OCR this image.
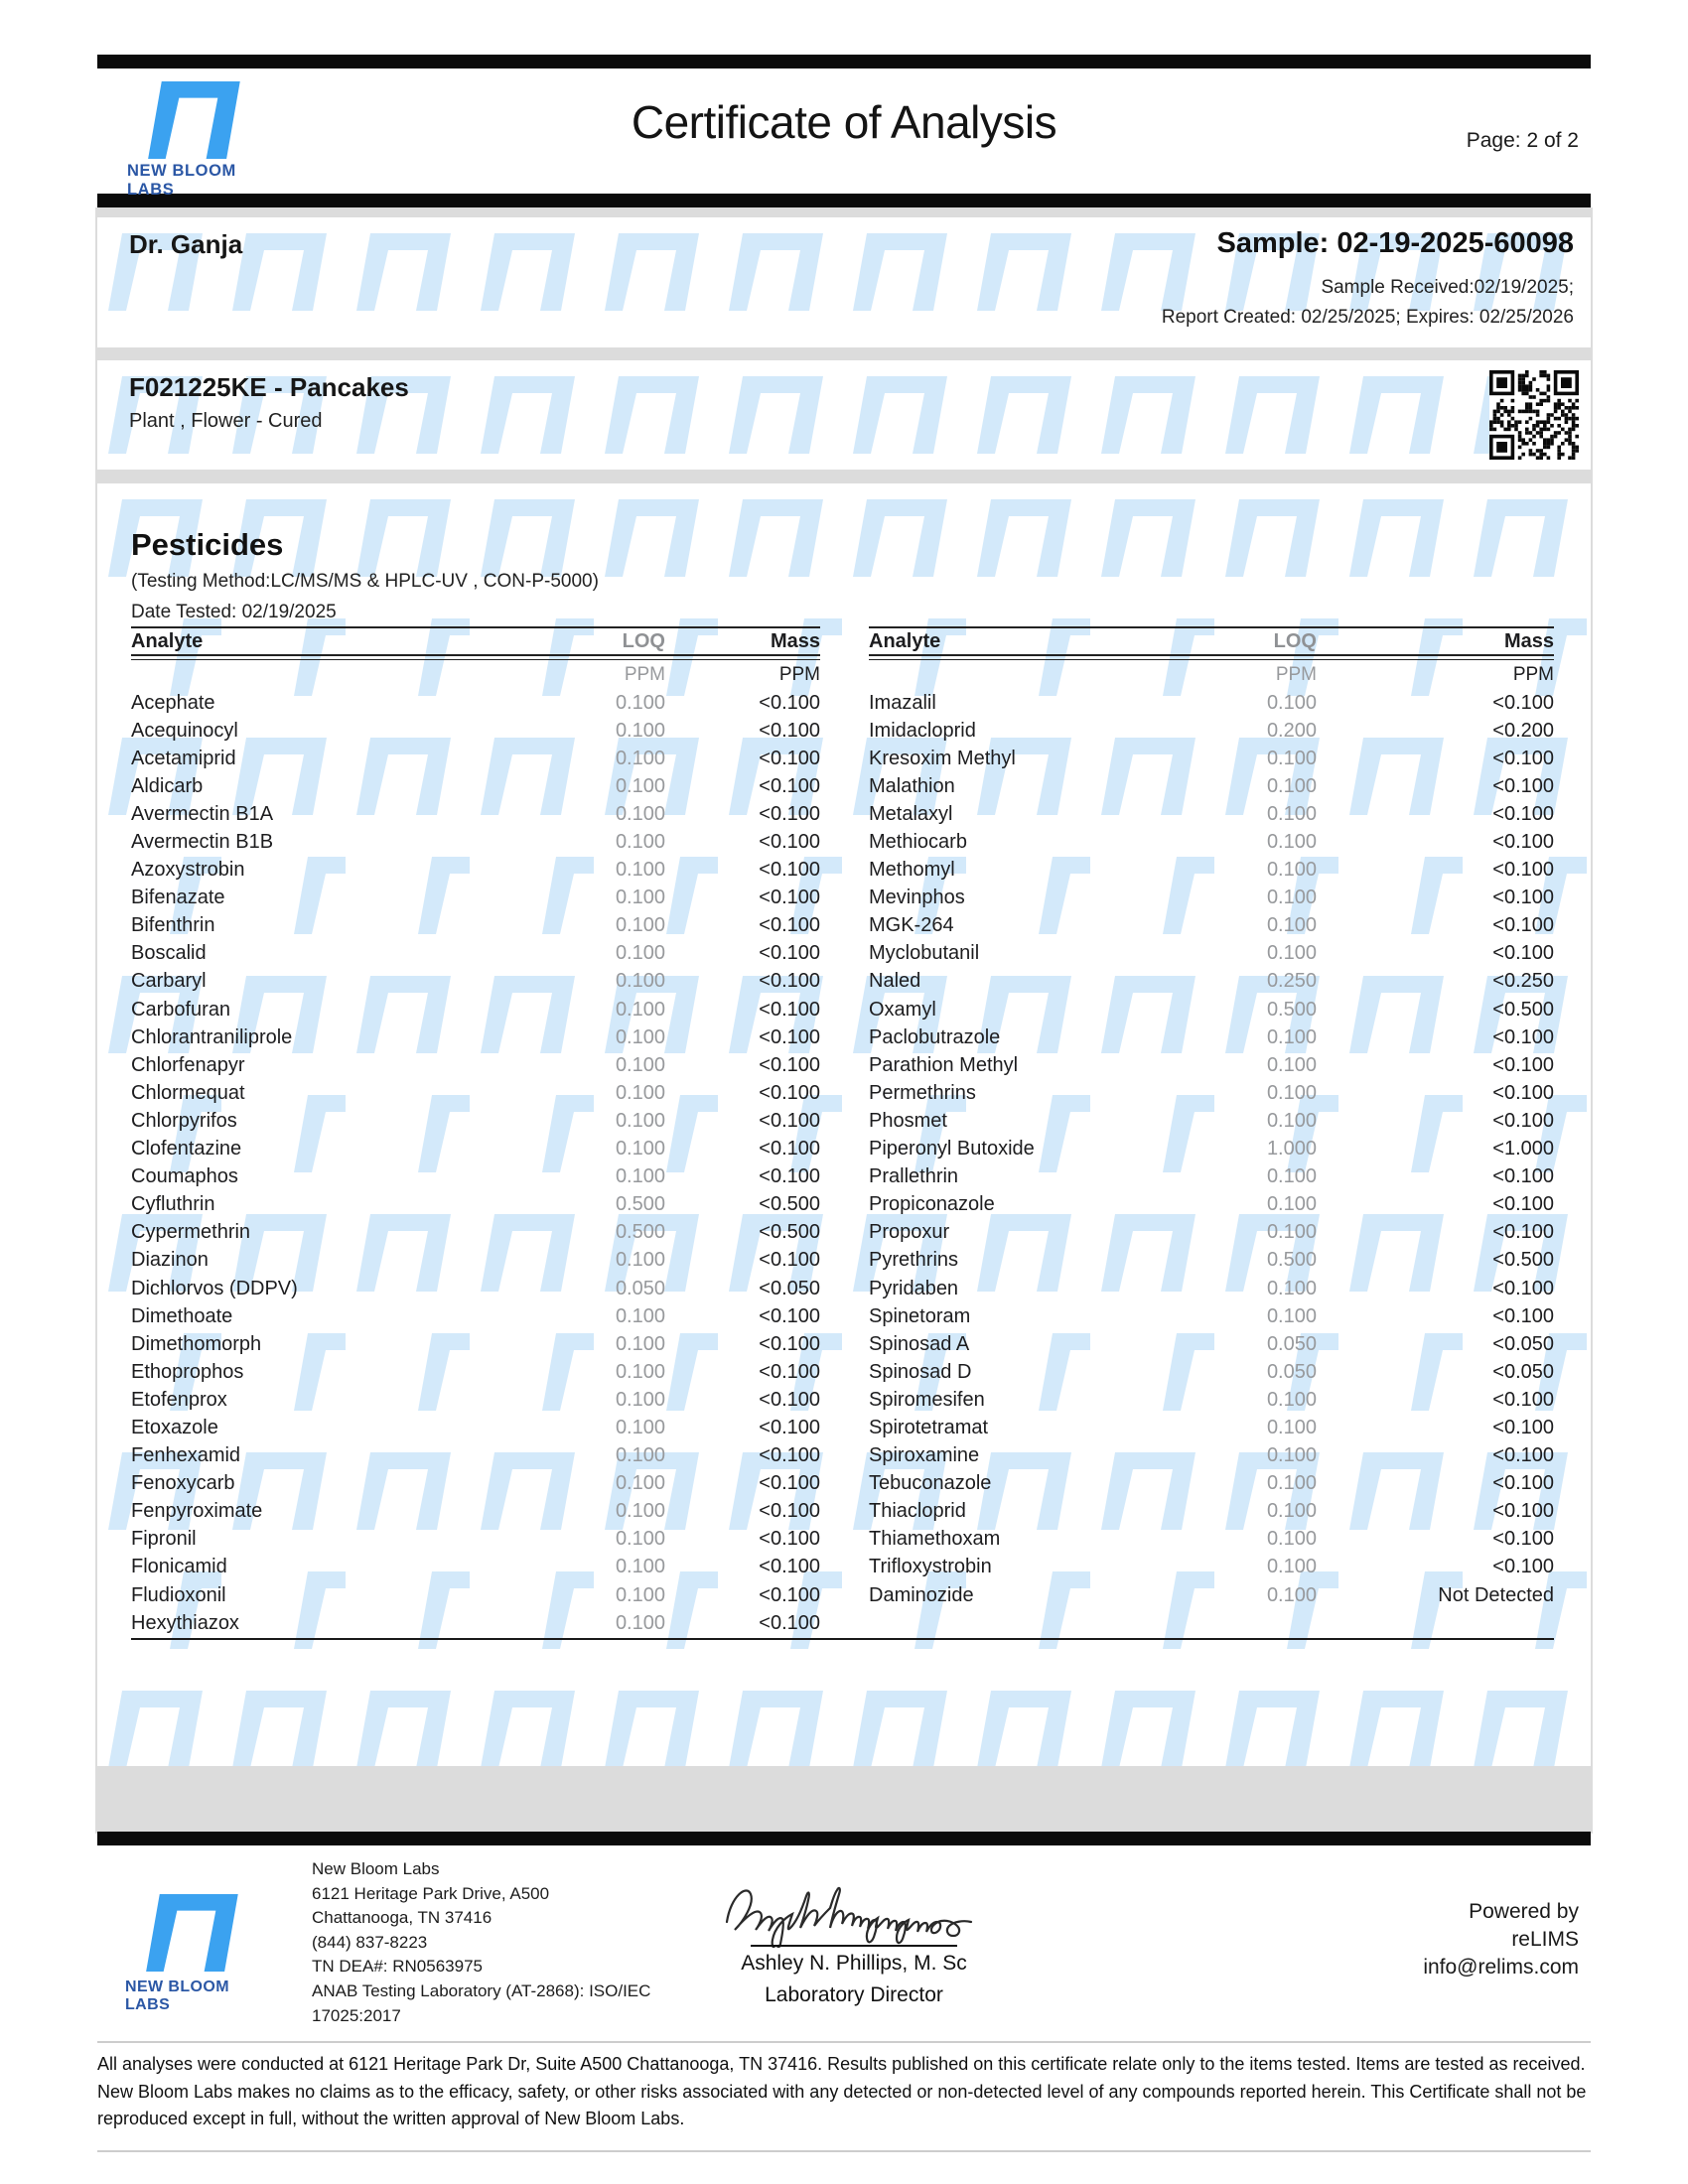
NEW BLOOM LABS
Certificate of Analysis	Page: 2 of 2
Dr. Ganja	Sample: 02-19-2025-60098
Sample Received:02/19/2025;
Report Created: 02/25/2025; Expires: 02/25/2026
F021225KE - Pancakes
Plant , Flower - Cured
Pesticides
(Testing Method:LC/MS/MS & HPLC-UV , CON-P-5000)
Date Tested: 02/19/2025
Analyte	LOQ	Mass
PPM	PPM
Acephate	0.100	<0.100
Acequinocyl	0.100	<0.100
Acetamiprid	0.100	<0.100
Aldicarb	0.100	<0.100
Avermectin B1A	0.100	<0.100
Avermectin B1B	0.100	<0.100
Azoxystrobin	0.100	<0.100
Bifenazate	0.100	<0.100
Bifenthrin	0.100	<0.100
Boscalid	0.100	<0.100
Carbaryl	0.100	<0.100
Carbofuran	0.100	<0.100
Chlorantraniliprole	0.100	<0.100
Chlorfenapyr	0.100	<0.100
Chlormequat	0.100	<0.100
Chlorpyrifos	0.100	<0.100
Clofentazine	0.100	<0.100
Coumaphos	0.100	<0.100
Cyfluthrin	0.500	<0.500
Cypermethrin	0.500	<0.500
Diazinon	0.100	<0.100
Dichlorvos (DDPV)	0.050	<0.050
Dimethoate	0.100	<0.100
Dimethomorph	0.100	<0.100
Ethoprophos	0.100	<0.100
Etofenprox	0.100	<0.100
Etoxazole	0.100	<0.100
Fenhexamid	0.100	<0.100
Fenoxycarb	0.100	<0.100
Fenpyroximate	0.100	<0.100
Fipronil	0.100	<0.100
Flonicamid	0.100	<0.100
Fludioxonil	0.100	<0.100
Hexythiazox	0.100	<0.100
Analyte	LOQ	Mass
PPM	PPM
Imazalil	0.100	<0.100
Imidacloprid	0.200	<0.200
Kresoxim Methyl	0.100	<0.100
Malathion	0.100	<0.100
Metalaxyl	0.100	<0.100
Methiocarb	0.100	<0.100
Methomyl	0.100	<0.100
Mevinphos	0.100	<0.100
MGK-264	0.100	<0.100
Myclobutanil	0.100	<0.100
Naled	0.250	<0.250
Oxamyl	0.500	<0.500
Paclobutrazole	0.100	<0.100
Parathion Methyl	0.100	<0.100
Permethrins	0.100	<0.100
Phosmet	0.100	<0.100
Piperonyl Butoxide	1.000	<1.000
Prallethrin	0.100	<0.100
Propiconazole	0.100	<0.100
Propoxur	0.100	<0.100
Pyrethrins	0.500	<0.500
Pyridaben	0.100	<0.100
Spinetoram	0.100	<0.100
Spinosad A	0.050	<0.050
Spinosad D	0.050	<0.050
Spiromesifen	0.100	<0.100
Spirotetramat	0.100	<0.100
Spiroxamine	0.100	<0.100
Tebuconazole	0.100	<0.100
Thiacloprid	0.100	<0.100
Thiamethoxam	0.100	<0.100
Trifloxystrobin	0.100	<0.100
Daminozide	0.100	Not Detected
NEW BLOOM LABS
New Bloom Labs
6121 Heritage Park Drive, A500
Chattanooga, TN 37416
(844) 837-8223
TN DEA#: RN0563975
ANAB Testing Laboratory (AT-2868): ISO/IEC
17025:2017
Ashley N. Phillips, M. Sc
Laboratory Director
Powered by
reLIMS
info@relims.com
All analyses were conducted at 6121 Heritage Park Dr, Suite A500 Chattanooga, TN 37416. Results published on this certificate relate only to the items tested. Items are tested as received. New Bloom Labs makes no claims as to the efficacy, safety, or other risks associated with any detected or non-detected level of any compounds reported herein. This Certificate shall not be reproduced except in full, without the written approval of New Bloom Labs.
